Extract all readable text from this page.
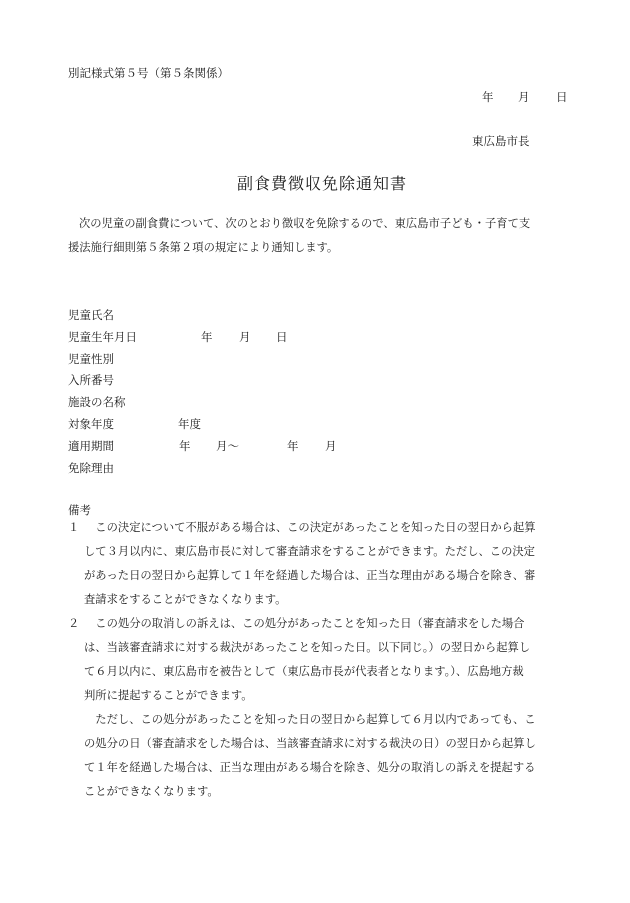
別記様式第５号（第５条関係）
年 月 日
東広島市長
副食費徴収免除通知書

次の児童の副食費について、次のとおり徴収を免除するので、東広島市子ども・子育て支

援法施行細則第５条第２項の規定により通知します。

児童氏名
児童生年月日	年 月 日
児童性別
入所番号
施設の名称
対象年度	年度
適用期間	年 月～	年 月
免除理由
備考
１ 　この決定について不服がある場合は、この決定があったことを知った日の翌日から起算

して３月以内に、東広島市長に対して審査請求をすることができます。ただし、この決定

があった日の翌日から起算して１年を経過した場合は、正当な理由がある場合を除き、審

査請求をすることができなくなります。

２ 　この処分の取消しの訴えは、この処分があったことを知った日（審査請求をした場合

は、当該審査請求に対する裁決があったことを知った日。以下同じ。）の翌日から起算し

て６月以内に、東広島市を被告として（東広島市長が代表者となります。）、広島地方裁

判所に提起することができます。

　ただし、この処分があったことを知った日の翌日から起算して６月以内であっても、こ

の処分の日（審査請求をした場合は、当該審査請求に対する裁決の日）の翌日から起算し

て１年を経過した場合は、正当な理由がある場合を除き、処分の取消しの訴えを提起する

ことができなくなります。
